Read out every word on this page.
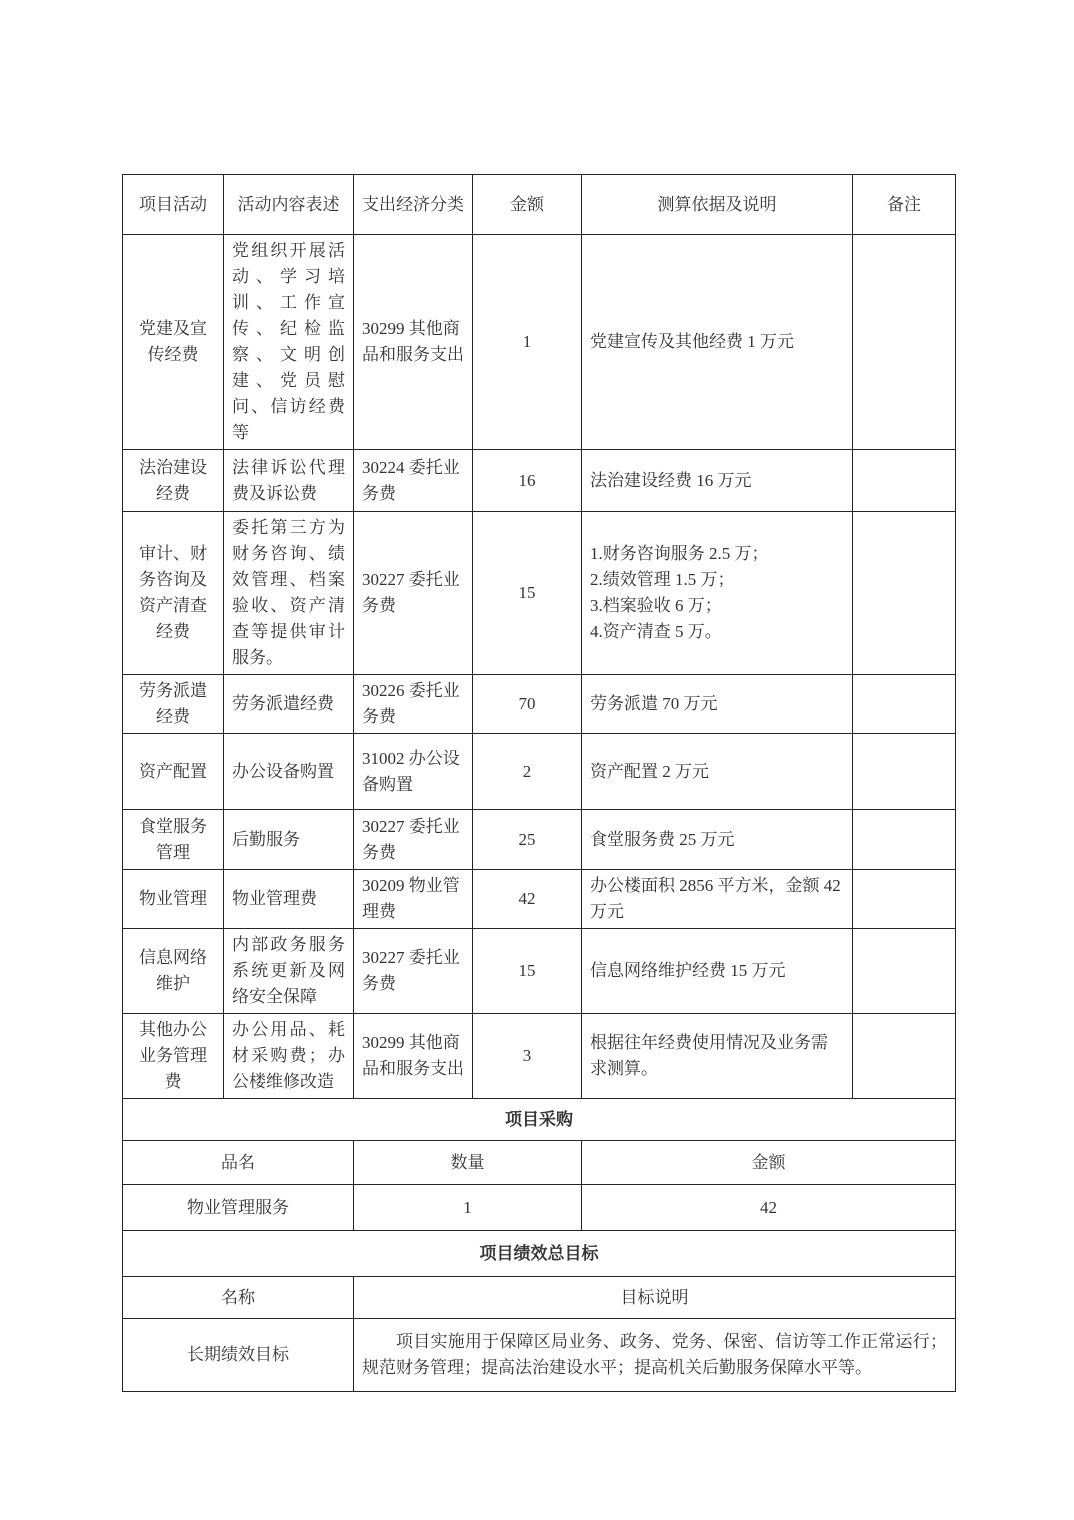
项目活动	活动内容表述	支出经济分类	金额	测算依据及说明	备注
党建及宣传经费	党组织开展活动、学习培训、工作宣传、纪检监察、文明创建、党员慰问、信访经费等	30299 其他商品和服务支出	1	党建宣传及其他经费 1 万元	
法治建设经费	法律诉讼代理费及诉讼费	30224 委托业务费	16	法治建设经费 16 万元	
审计、财务咨询及资产清查经费	委托第三方为财务咨询、绩效管理、档案验收、资产清查等提供审计服务。	30227 委托业务费	15	1.财务咨询服务 2.5 万；
2.绩效管理 1.5 万；
3.档案验收 6 万；
4.资产清查 5 万。	
劳务派遣经费	劳务派遣经费	30226 委托业务费	70	劳务派遣 70 万元	
资产配置	办公设备购置	31002 办公设备购置	2	资产配置 2 万元	
食堂服务管理	后勤服务	30227 委托业务费	25	食堂服务费 25 万元	
物业管理	物业管理费	30209 物业管理费	42	办公楼面积 2856 平方米，金额 42 万元	
信息网络维护	内部政务服务系统更新及网络安全保障	30227 委托业务费	15	信息网络维护经费 15 万元	
其他办公业务管理费	办公用品、耗材采购费；办公楼维修改造	30299 其他商品和服务支出	3	根据往年经费使用情况及业务需求测算。	
项目采购					
品名		数量		金额	
物业管理服务		1		42	
项目绩效总目标					
名称		目标说明			
长期绩效目标		项目实施用于保障区局业务、政务、党务、保密、信访等工作正常运行；规范财务管理；提高法治建设水平；提高机关后勤服务保障水平等。			
